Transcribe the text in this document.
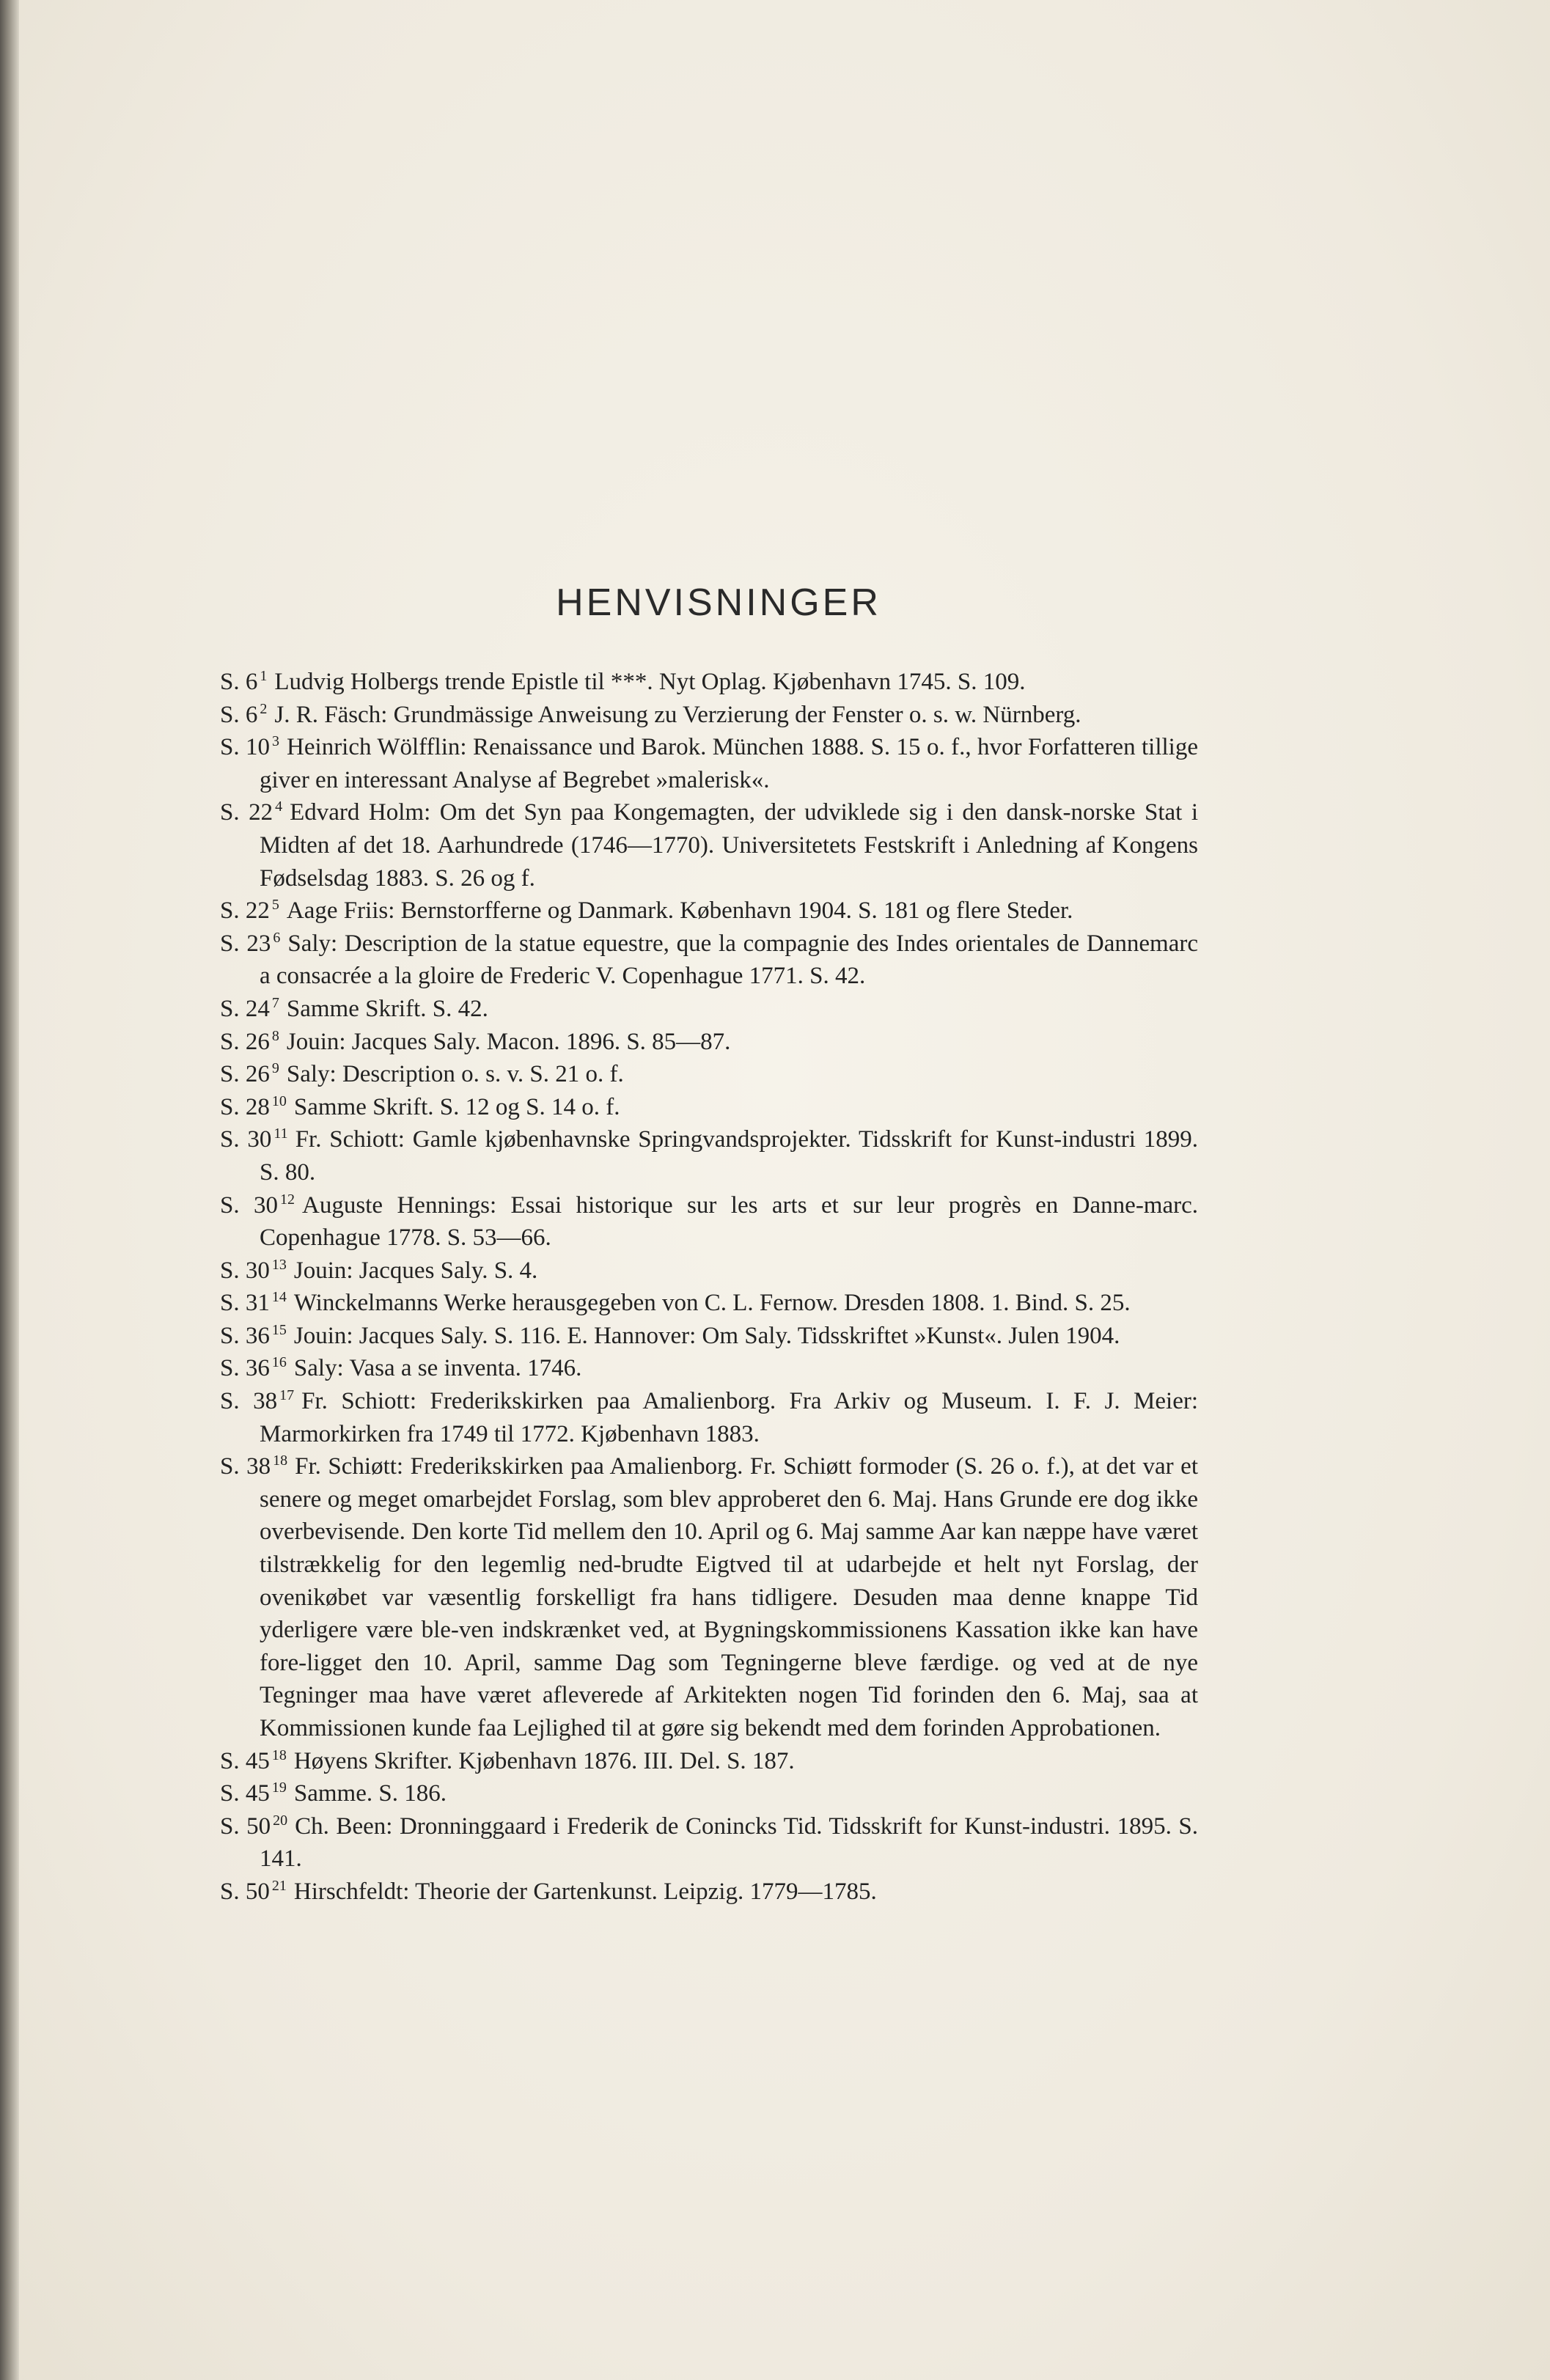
HENVISNINGER
S. 6 $^1$ Ludvig Holbergs trende Epistle til ***. Nyt Oplag. Kjøbenhavn 1745. S. 109.
S. 6 $^2$ J. R. Fäsch: Grundmässige Anweisung zu Verzierung der Fenster o. s. w. Nürnberg.
S. 10 $^3$ Heinrich Wölfflin: Renaissance und Barok. München 1888. S. 15 o. f., hvor Forfatteren tillige giver en interessant Analyse af Begrebet »malerisk«.
S. 22 $^4$ Edvard Holm: Om det Syn paa Kongemagten, der udviklede sig i den dansk-norske Stat i Midten af det 18. Aarhundrede (1746—1770). Universitetets Festskrift i Anledning af Kongens Fødselsdag 1883. S. 26 og f.
S. 22 $^5$ Aage Friis: Bernstorfferne og Danmark. København 1904. S. 181 og flere Steder.
S. 23 $^6$ Saly: Description de la statue equestre, que la compagnie des Indes orientales de Dannemarc a consacrée a la gloire de Frederic V. Copenhague 1771. S. 42.
S. 24 $^7$ Samme Skrift. S. 42.
S. 26 $^8$ Jouin: Jacques Saly. Macon. 1896. S. 85—87.
S. 26 $^9$ Saly: Description o. s. v. S. 21 o. f.
S. 28 $^{10}$ Samme Skrift. S. 12 og S. 14 o. f.
S. 30 $^{11}$ Fr. Schiott: Gamle kjøbenhavnske Springvandsprojekter. Tidsskrift for Kunst-industri 1899. S. 80.
S. 30 $^{12}$ Auguste Hennings: Essai historique sur les arts et sur leur progrès en Danne-marc. Copenhague 1778. S. 53—66.
S. 30 $^{13}$ Jouin: Jacques Saly. S. 4.
S. 31 $^{14}$ Winckelmanns Werke herausgegeben von C. L. Fernow. Dresden 1808. 1. Bind. S. 25.
S. 36 $^{15}$ Jouin: Jacques Saly. S. 116. E. Hannover: Om Saly. Tidsskriftet »Kunst«. Julen 1904.
S. 36 $^{16}$ Saly: Vasa a se inventa. 1746.
S. 38 $^{17}$ Fr. Schiott: Frederikskirken paa Amalienborg. Fra Arkiv og Museum. I. F. J. Meier: Marmorkirken fra 1749 til 1772. Kjøbenhavn 1883.
S. 38 $^{18}$ Fr. Schiøtt: Frederikskirken paa Amalienborg. Fr. Schiøtt formoder (S. 26 o. f.), at det var et senere og meget omarbejdet Forslag, som blev approberet den 6. Maj. Hans Grunde ere dog ikke overbevisende. Den korte Tid mellem den 10. April og 6. Maj samme Aar kan næppe have været tilstrækkelig for den legemlig ned-brudte Eigtved til at udarbejde et helt nyt Forslag, der ovenikøbet var væsentlig forskelligt fra hans tidligere. Desuden maa denne knappe Tid yderligere være ble-ven indskrænket ved, at Bygningskommissionens Kassation ikke kan have fore-ligget den 10. April, samme Dag som Tegningerne bleve færdige. og ved at de nye Tegninger maa have været afleverede af Arkitekten nogen Tid forinden den 6. Maj, saa at Kommissionen kunde faa Lejlighed til at gøre sig bekendt med dem forinden Approbationen.
S. 45 $^{18}$ Høyens Skrifter. Kjøbenhavn 1876. III. Del. S. 187.
S. 45 $^{19}$ Samme. S. 186.
S. 50 $^{20}$ Ch. Been: Dronninggaard i Frederik de Conincks Tid. Tidsskrift for Kunst-industri. 1895. S. 141.
S. 50 $^{21}$ Hirschfeldt: Theorie der Gartenkunst. Leipzig. 1779—1785.
